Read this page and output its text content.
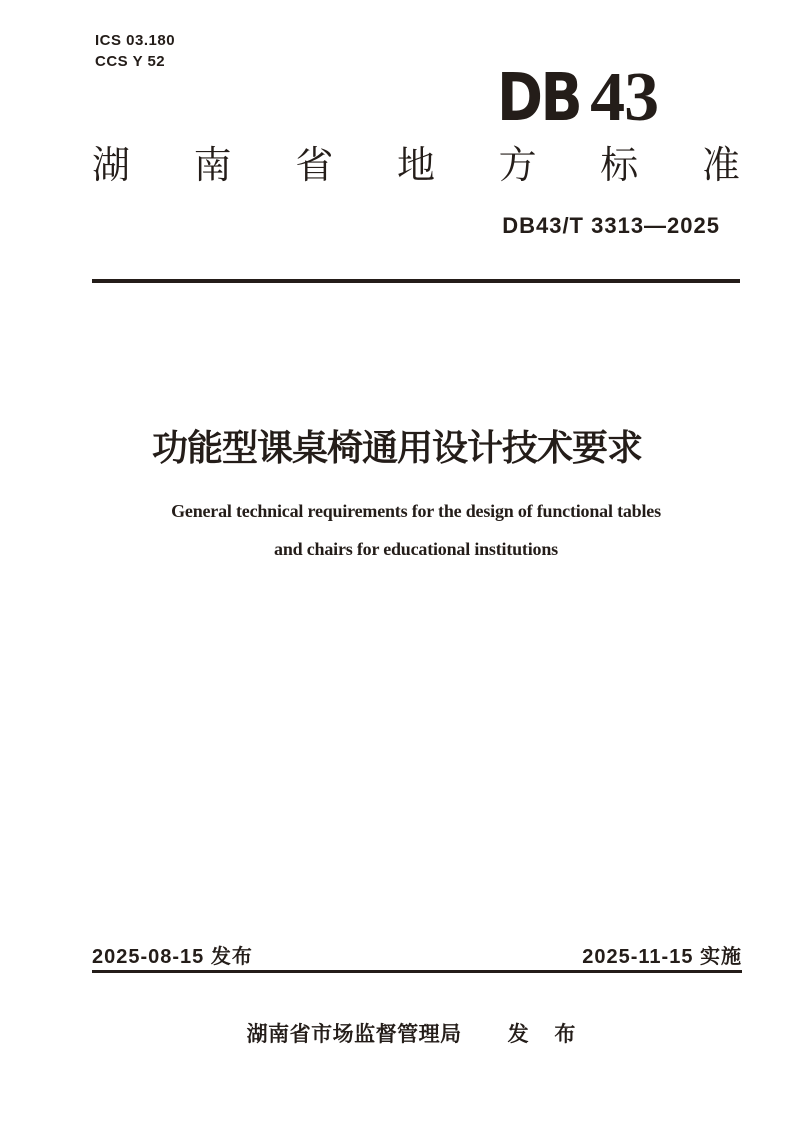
ICS 03.180
CCS Y 52	DB 43
湖 南 省 地 方 标 准
DB43/T 3313—2025
功能型课桌椅通用设计技术要求
General technical requirements for the design of functional tables
and chairs for educational institutions
2025-08-15 发布	2025-11-15 实施
湖南省市场监督管理局 发 布
